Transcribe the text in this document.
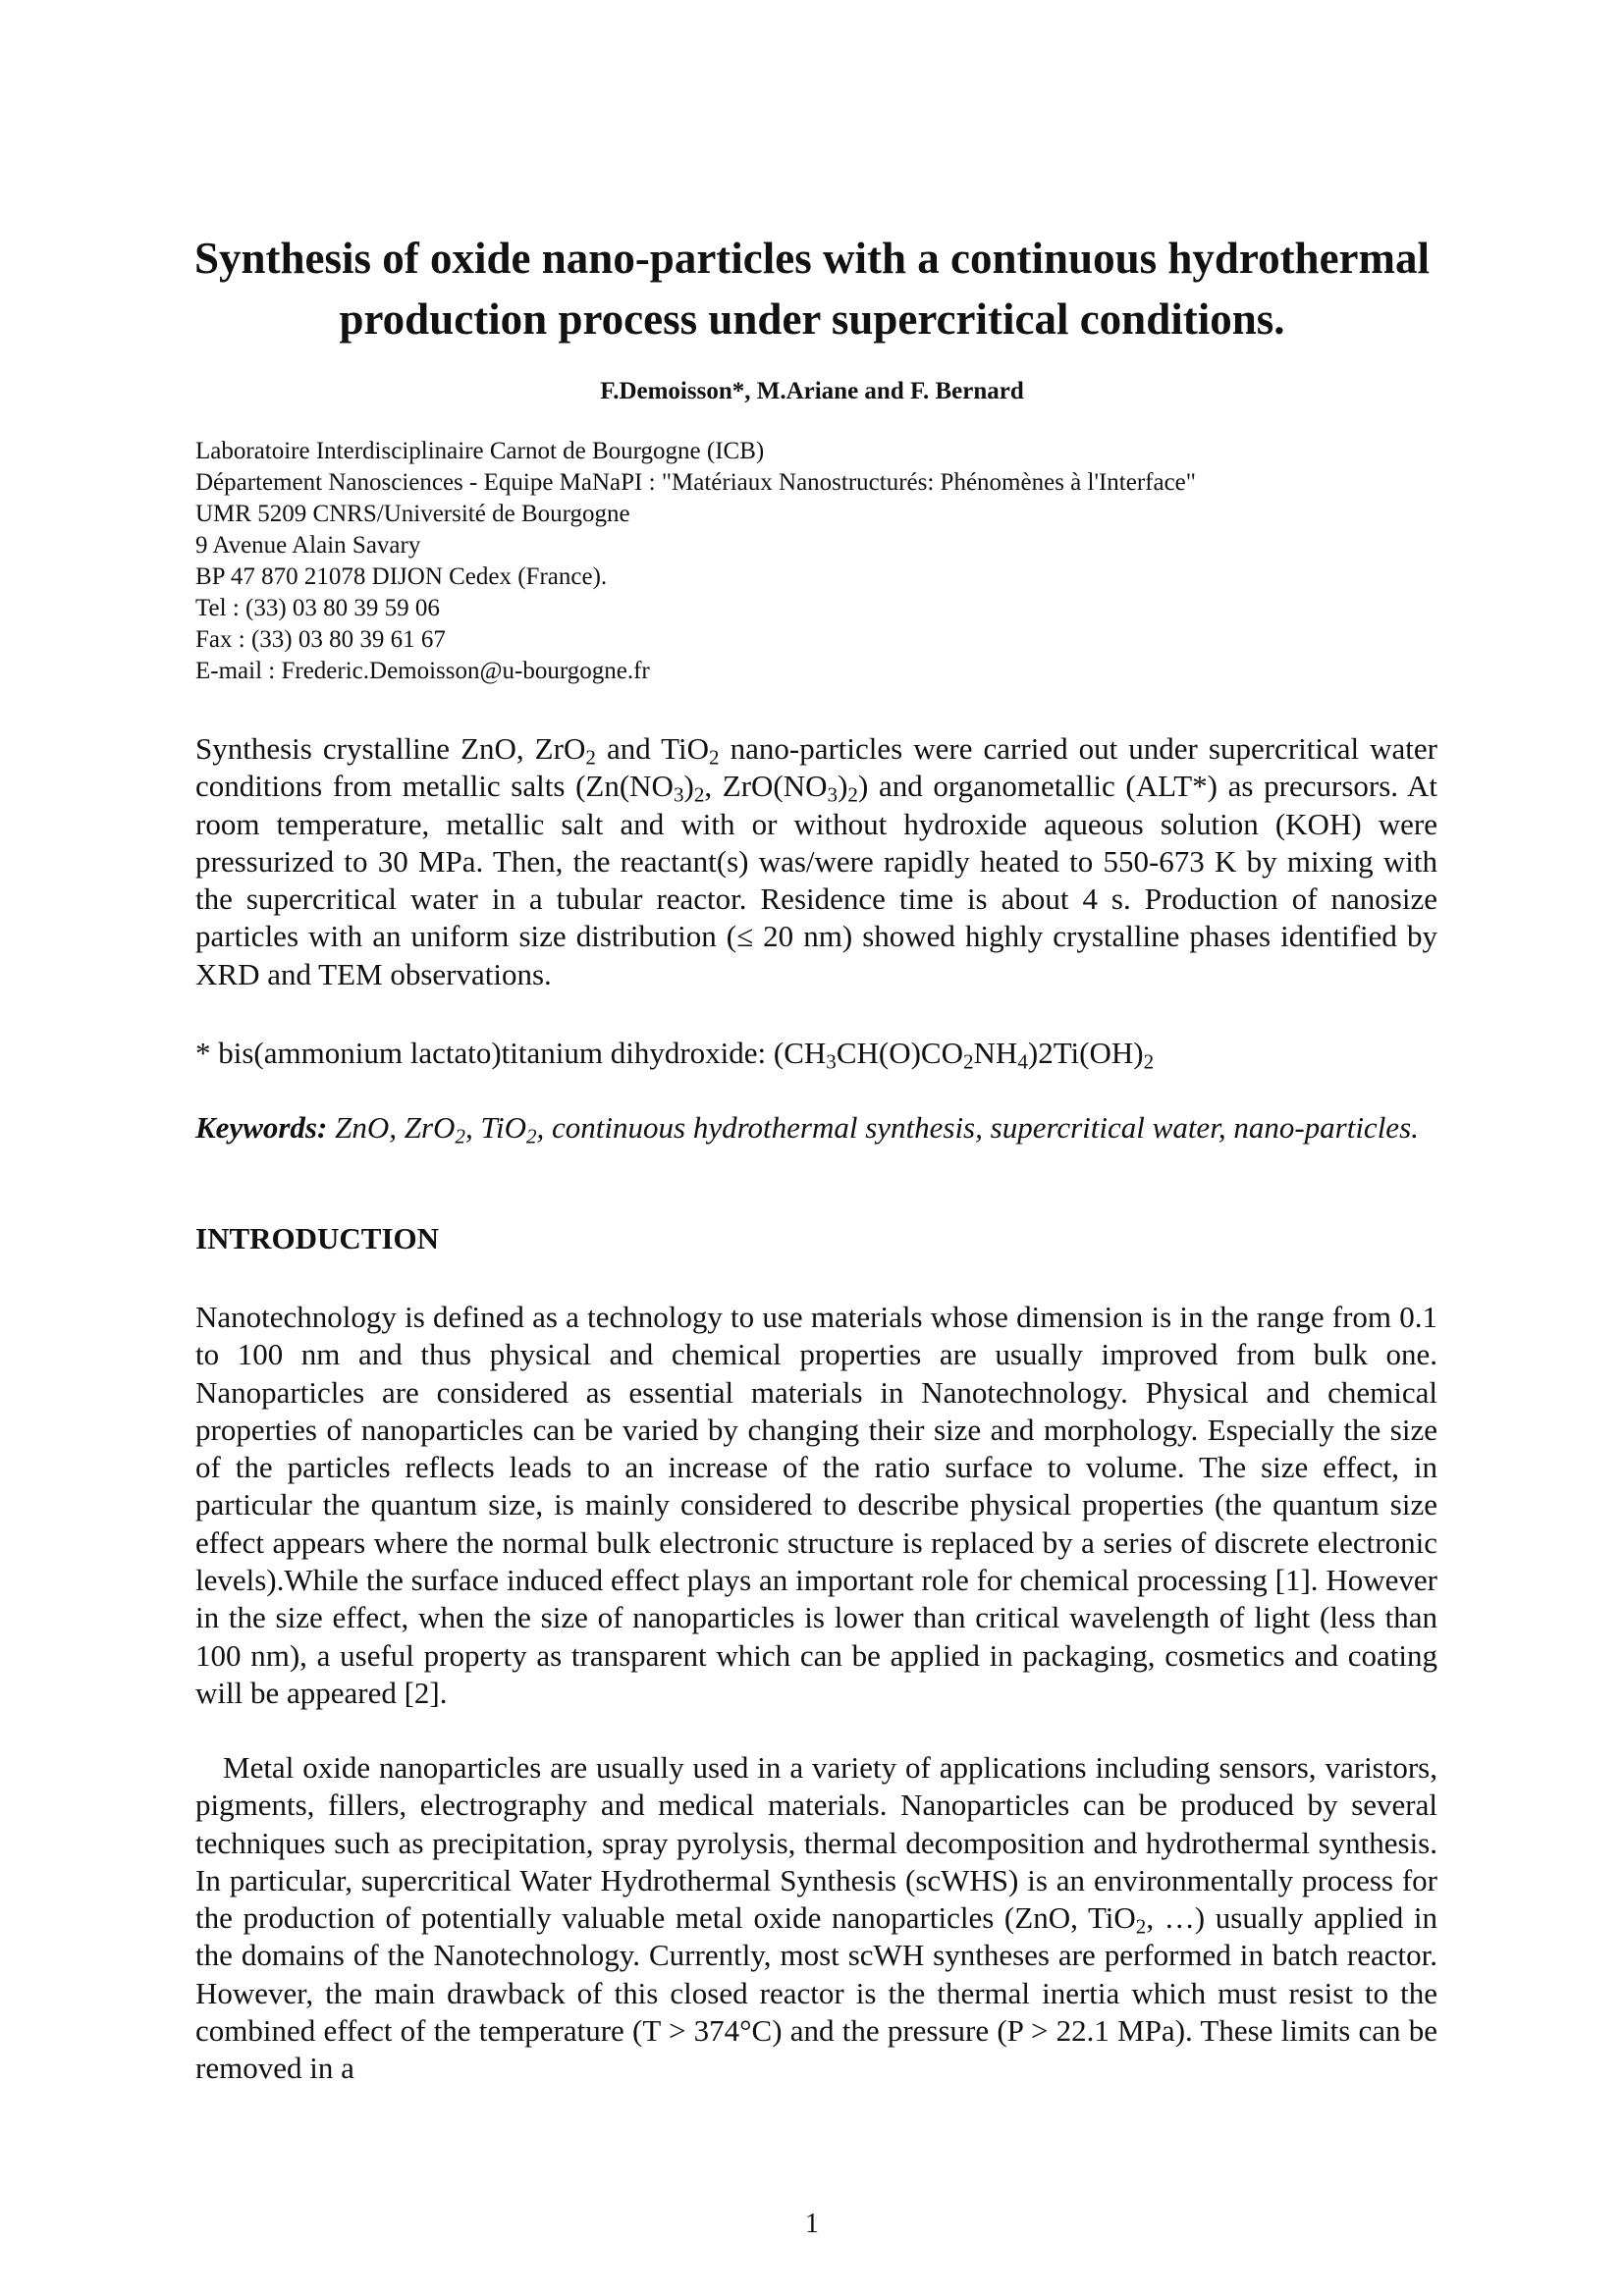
Synthesis of oxide nano-particles with a continuous hydrothermal
production process under supercritical conditions.

F.Demoisson*, M.Ariane and F. Bernard

Laboratoire Interdisciplinaire Carnot de Bourgogne (ICB)
Département Nanosciences - Equipe MaNaPI : "Matériaux Nanostructurés: Phénomènes à l'Interface"
UMR 5209 CNRS/Université de Bourgogne
9 Avenue Alain Savary
BP 47 870 21078 DIJON Cedex (France).
Tel : (33) 03 80 39 59 06
Fax : (33) 03 80 39 61 67
E-mail : Frederic.Demoisson@u-bourgogne.fr

Synthesis crystalline ZnO, ZrO$_2$ and TiO$_2$ nano-particles were carried out under supercritical water conditions from metallic salts ($Zn(NO_3)_2$, $ZrO(NO_3)_2$) and organometallic (ALT*) as precursors. At room temperature, metallic salt and with or without hydroxide aqueous solution (KOH) were pressurized to 30 MPa. Then, the reactant(s) was/were rapidly heated to 550-673 K by mixing with the supercritical water in a tubular reactor. Residence time is about 4 s. Production of nanosize particles with an uniform size distribution (≤ 20 nm) showed highly crystalline phases identified by XRD and TEM observations.

* bis(ammonium lactato)titanium dihydroxide: $(CH_3CH(O)CO_2NH_4)2Ti(OH)_2$

Keywords: ZnO, ZrO$_2$, TiO$_2$, continuous hydrothermal synthesis, supercritical water, nano-particles.

INTRODUCTION

Nanotechnology is defined as a technology to use materials whose dimension is in the range from 0.1 to 100 nm and thus physical and chemical properties are usually improved from bulk one. Nanoparticles are considered as essential materials in Nanotechnology. Physical and chemical properties of nanoparticles can be varied by changing their size and morphology. Especially the size of the particles reflects leads to an increase of the ratio surface to volume. The size effect, in particular the quantum size, is mainly considered to describe physical properties (the quantum size effect appears where the normal bulk electronic structure is replaced by a series of discrete electronic levels).While the surface induced effect plays an important role for chemical processing [1]. However in the size effect, when the size of nanoparticles is lower than critical wavelength of light (less than 100 nm), a useful property as transparent which can be applied in packaging, cosmetics and coating will be appeared [2].

Metal oxide nanoparticles are usually used in a variety of applications including sensors, varistors, pigments, fillers, electrography and medical materials. Nanoparticles can be produced by several techniques such as precipitation, spray pyrolysis, thermal decomposition and hydrothermal synthesis. In particular, supercritical Water Hydrothermal Synthesis (scWHS) is an environmentally process for the production of potentially valuable metal oxide nanoparticles (ZnO, TiO$_2$, …) usually applied in the domains of the Nanotechnology. Currently, most scWH syntheses are performed in batch reactor. However, the main drawback of this closed reactor is the thermal inertia which must resist to the combined effect of the temperature (T > 374°C) and the pressure (P > 22.1 MPa). These limits can be removed in a

1
